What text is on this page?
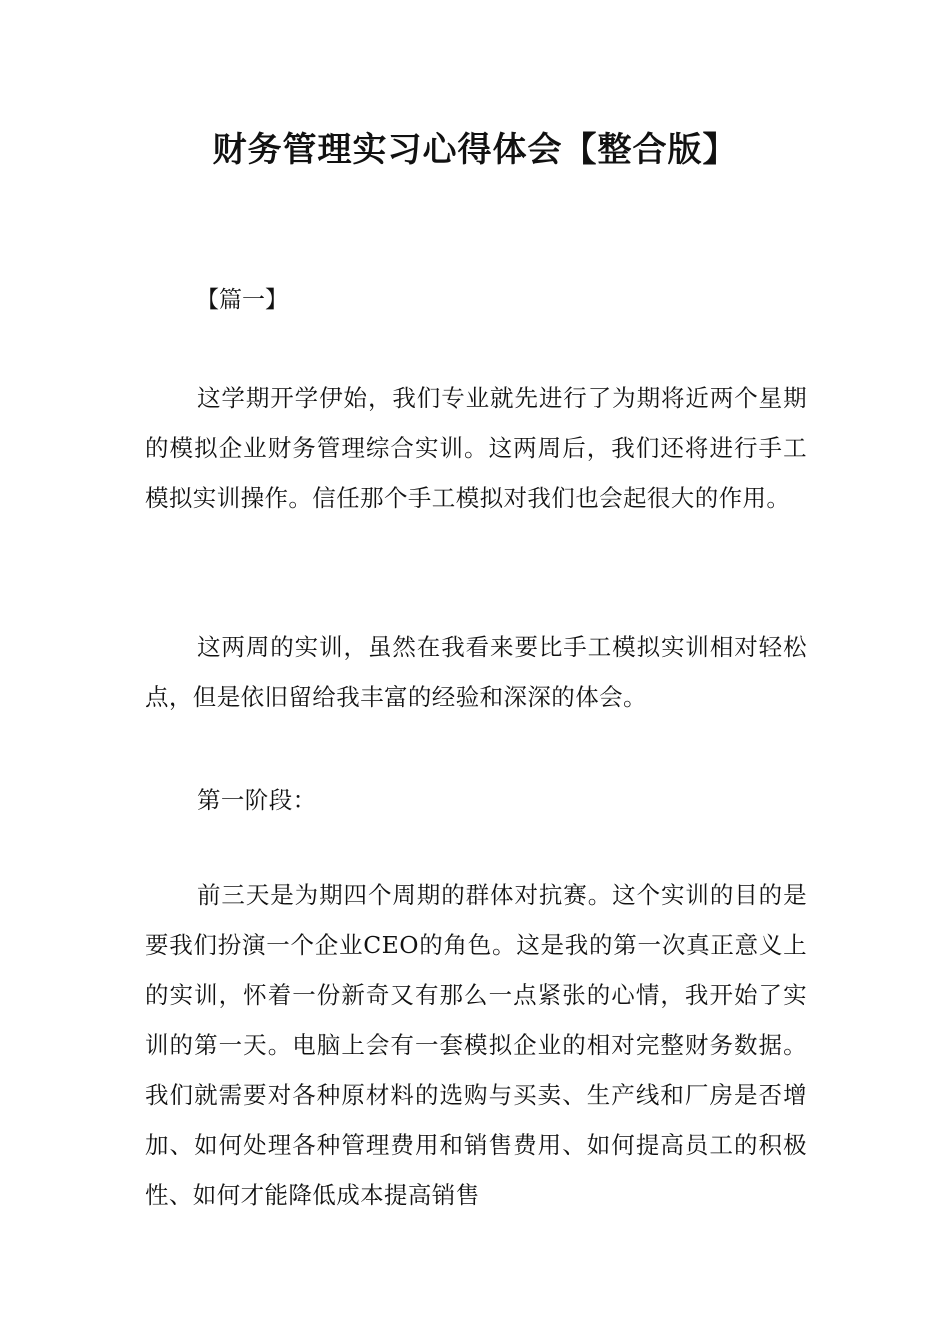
财务管理实习心得体会【整合版】

【篇一】

这学期开学伊始，我们专业就先进行了为期将近两个星期的模拟企业财务管理综合实训。这两周后，我们还将进行手工模拟实训操作。信任那个手工模拟对我们也会起很大的作用。

这两周的实训，虽然在我看来要比手工模拟实训相对轻松点，但是依旧留给我丰富的经验和深深的体会。

第一阶段：

前三天是为期四个周期的群体对抗赛。这个实训的目的是要我们扮演一个企业CEO的角色。这是我的第一次真正意义上的实训，怀着一份新奇又有那么一点紧张的心情，我开始了实训的第一天。电脑上会有一套模拟企业的相对完整财务数据。我们就需要对各种原材料的选购与买卖、生产线和厂房是否增加、如何处理各种管理费用和销售费用、如何提高员工的积极性、如何才能降低成本提高销售
